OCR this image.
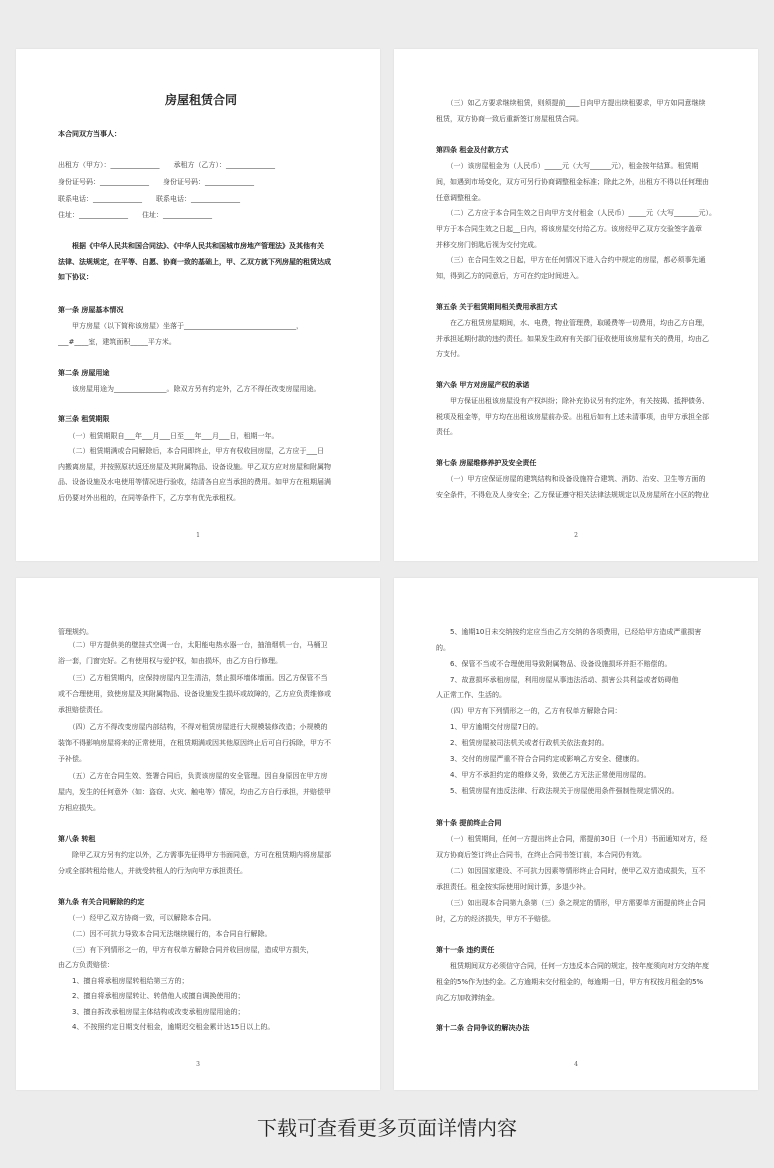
房屋租赁合同
本合同双方当事人：
出租方（甲方）：______________　　承租方（乙方）：______________
身份证号码：______________　　身份证号码：______________
联系电话：______________　　联系电话：______________
住址：______________　　住址：______________
　　根据《中华人民共和国合同法》、《中华人民共和国城市房地产管理法》及其他有关
法律、法规规定，在平等、自愿、协商一致的基础上，甲、乙双方就下列房屋的租赁达成
如下协议：
第一条 房屋基本情况
　　甲方房屋（以下简称该房屋）坐落于________________________________，
___#____室，建筑面积_____平方米。
第二条 房屋用途
　　该房屋用途为_______________。除双方另有约定外，乙方不得任改变房屋用途。
第三条 租赁期限
　　（一）租赁期限自___年___月___日至___年___月___日，租期一年。
　　（二）租赁期满或合同解除后，本合同即终止，甲方有权收回房屋，乙方应于___日
内搬离房屋，并按照原状返还房屋及其附属物品、设备设施。甲乙双方应对房屋和附属物
品、设备设施及水电使用等情况进行验收，结清各自应当承担的费用。如甲方在租期届满
后仍要对外出租的，在同等条件下，乙方享有优先承租权。
1
　　（三）如乙方要求继续租赁，则须提前____日向甲方提出续租要求，甲方如同意继续
租赁，双方协商一致后重新签订房屋租赁合同。
第四条 租金及付款方式
　　（一）该房屋租金为（人民币）_____元（大写______元），租金按年结算。租赁期
间，如遇到市场变化，双方可另行协商调整租金标准；除此之外，出租方不得以任何理由
任意调整租金。
　　（二）乙方应于本合同生效之日向甲方支付租金（人民币）_____元（大写_______元）。
甲方于本合同生效之日起__日内，将该房屋交付给乙方。该房经甲乙双方交验签字盖章
并移交房门钥匙后视为交付完成。
　　（三）在合同生效之日起，甲方在任何情况下进入合约中规定的房屋，都必须事先通
知，得到乙方的同意后，方可在约定时间进入。
第五条 关于租赁期间相关费用承担方式
　　在乙方租赁房屋期间，水、电费，物业管理费，取暖费等一切费用，均由乙方自理，
并承担延期付款的违约责任。如果发生政府有关部门征收使用该房屋有关的费用，均由乙
方支付。
第六条 甲方对房屋产权的承诺
　　甲方保证出租该房屋没有产权纠纷；除补充协议另有约定外，有关按揭、抵押债务、
税项及租金等，甲方均在出租该房屋前办妥。出租后如有上述未清事项，由甲方承担全部
责任。
第七条 房屋维修养护及安全责任
　　（一）甲方应保证房屋的建筑结构和设备设施符合建筑、消防、治安、卫生等方面的
安全条件，不得危及人身安全；乙方保证遵守相关法律法规规定以及房屋所在小区的物业
2
管理规约。
　　（二）甲方提供美的壁挂式空调一台，太阳能电热水器一台，抽油烟机一台，马桶卫
浴一套，门窗完好。乙有使用权与爱护权，如由损坏，由乙方自行修理。
　　（三）乙方租赁期内，应保持房屋内卫生清洁，禁止损坏墙体墙面。因乙方保管不当
或不合理使用，致使房屋及其附属物品、设备设施发生损坏或故障的，乙方应负责维修或
承担赔偿责任。
　　（四）乙方不得改变房屋内部结构，不得对租赁房屋进行大规模装修改造；小规模的
装饰不得影响房屋将来的正常使用，在租赁期满或因其他原因终止后可自行拆除，甲方不
予补偿。
　　（五）乙方在合同生效、签署合同后，负责该房屋的安全管理。因自身原因在甲方房
屋内，发生的任何意外（如：盗窃、火灾、触电等）情况，均由乙方自行承担，并赔偿甲
方相应损失。
第八条 转租
　　除甲乙双方另有约定以外，乙方需事先征得甲方书面同意，方可在租赁期内将房屋部
分或全部转租给他人，并就受转租人的行为向甲方承担责任。
第九条 有关合同解除的约定
　　（一）经甲乙双方协商一致，可以解除本合同。
　　（二）因不可抗力导致本合同无法继续履行的，本合同自行解除。
　　（三）有下列情形之一的，甲方有权单方解除合同并收回房屋，造成甲方损失，
由乙方负责赔偿：
　　1、擅自将承租房屋转租给第三方的；
　　2、擅自将承租房屋转让、转借他人或擅自调换使用的；
　　3、擅自拆改承租房屋主体结构或改变承租房屋用途的；
　　4、不按照约定日期支付租金，逾期迟交租金累计达15日以上的。
3
　　5、逾期10日未交纳按约定应当由乙方交纳的各项费用，已经给甲方造成严重损害
的。
　　6、保管不当或不合理使用导致附属物品、设备设施损坏并拒不赔偿的。
　　7、故意损坏承租房屋，利用房屋从事违法活动、损害公共利益或者妨碍他
人正常工作、生活的。
　　（四）甲方有下列情形之一的，乙方有权单方解除合同：
　　1、甲方逾期交付房屋7日的。
　　2、租赁房屋被司法机关或者行政机关依法查封的。
　　3、交付的房屋严重不符合合同约定或影响乙方安全、健康的。
　　4、甲方不承担约定的维修义务，致使乙方无法正常使用房屋的。
　　5、租赁房屋有违反法律、行政法规关于房屋使用条件强制性规定情况的。
第十条 提前终止合同
　　（一）租赁期间，任何一方提出终止合同，需提前30日（一个月）书面通知对方，经
双方协商后签订终止合同书，在终止合同书签订前，本合同仍有效。
　　（二）如因国家建设、不可抗力因素等情形终止合同时，使甲乙双方造成损失，互不
承担责任。租金按实际使用时间计算，多退少补。
　　（三）如出现本合同第九条第（三）条之规定的情形，甲方需要单方面提前终止合同
时，乙方的经济损失，甲方不予赔偿。
第十一条 违约责任
　　租赁期间双方必须信守合同，任何一方违反本合同的规定，按年度须向对方交纳年度
租金的5%作为违约金。乙方逾期未交付租金的，每逾期一日，甲方有权按月租金的5%
向乙方加收滞纳金。
第十二条 合同争议的解决办法
4
下载可查看更多页面详情内容
